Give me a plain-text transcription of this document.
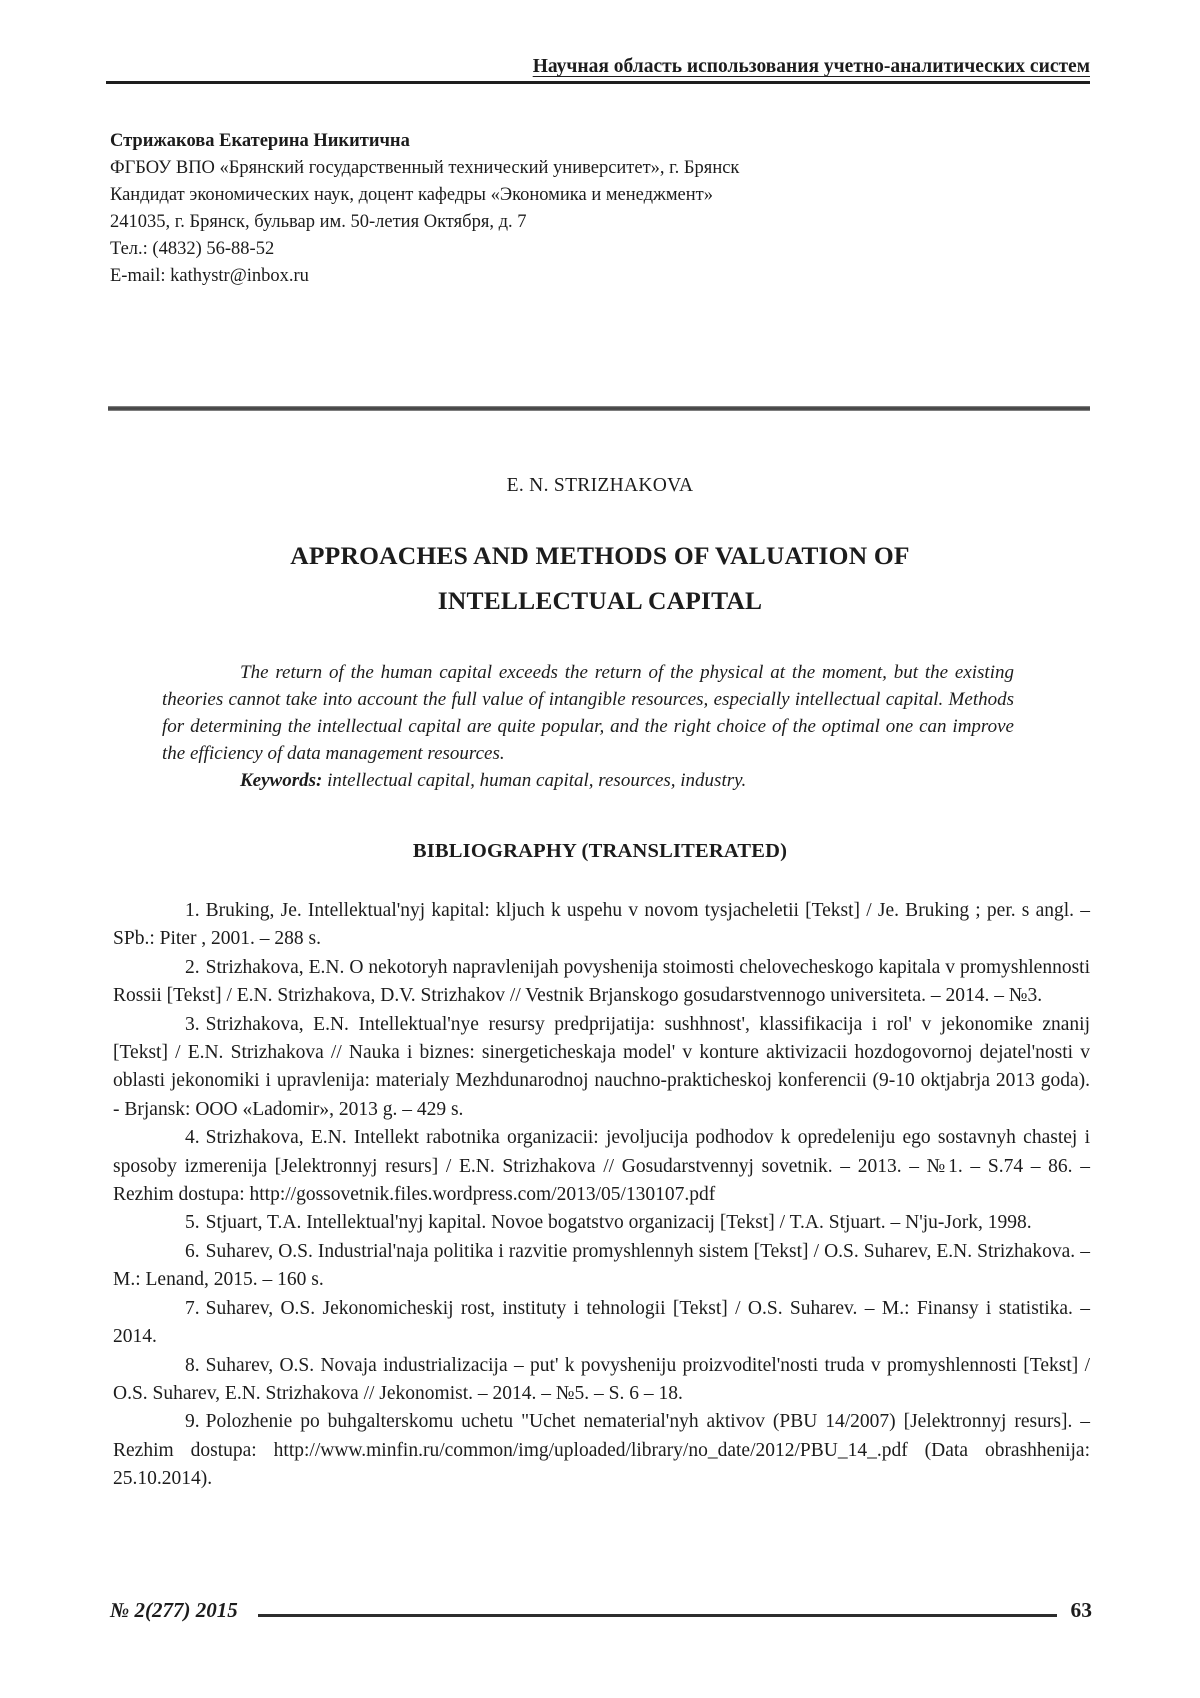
Научная область использования учетно-аналитических систем
Стрижакова Екатерина Никитична
ФГБОУ ВПО «Брянский государственный технический университет», г. Брянск
Кандидат экономических наук, доцент кафедры «Экономика и менеджмент»
241035, г. Брянск, бульвар им. 50-летия Октября, д. 7
Тел.: (4832) 56-88-52
E-mail: kathystr@inbox.ru
E. N. STRIZHAKOVA
APPROACHES AND METHODS OF VALUATION OF INTELLECTUAL CAPITAL

The return of the human capital exceeds the return of the physical at the moment, but the existing theories cannot take into account the full value of intangible resources, especially intellectual capital. Methods for determining the intellectual capital are quite popular, and the right choice of the optimal one can improve the efficiency of data management resources.

Keywords: intellectual capital, human capital, resources, industry.

BIBLIOGRAPHY (TRANSLITERATED)

1. Bruking, Je. Intellektual'nyj kapital: kljuch k uspehu v novom tysjacheletii [Tekst] / Je. Bruking ; per. s angl. – SPb.: Piter , 2001. – 288 s.

2. Strizhakova, E.N. O nekotoryh napravlenijah povyshenija stoimosti chelovecheskogo kapitala v promyshlennosti Rossii [Tekst] / E.N. Strizhakova, D.V. Strizhakov // Vestnik Brjanskogo gosudarstvennogo universiteta. – 2014. – №3.

3. Strizhakova, E.N. Intellektual'nye resursy predprijatija: sushhnost', klassifikacija i rol' v jekonomike znanij [Tekst] / E.N. Strizhakova // Nauka i biznes: sinergeticheskaja model' v konture aktivizacii hozdogovornoj dejatel'nosti v oblasti jekonomiki i upravlenija: materialy Mezhdunarodnoj nauchno-prakticheskoj konferencii (9-10 oktjabrja 2013 goda). - Brjansk: OOO «Ladomir», 2013 g. – 429 s.

4. Strizhakova, E.N. Intellekt rabotnika organizacii: jevoljucija podhodov k opredeleniju ego sostavnyh chastej i sposoby izmerenija [Jelektronnyj resurs] / E.N. Strizhakova // Gosudarstvennyj sovetnik. – 2013. – №1. – S.74 – 86. – Rezhim dostupa: http://gossovetnik.files.wordpress.com/2013/05/130107.pdf

5. Stjuart, T.A. Intellektual'nyj kapital. Novoe bogatstvo organizacij [Tekst] / T.A. Stjuart. – N'ju-Jork, 1998.

6. Suharev, O.S. Industrial'naja politika i razvitie promyshlennyh sistem [Tekst] / O.S. Suharev, E.N. Strizhakova. – M.: Lenand, 2015. – 160 s.

7. Suharev, O.S. Jekonomicheskij rost, instituty i tehnologii [Tekst] / O.S. Suharev. – M.: Finansy i statistika. – 2014.

8. Suharev, O.S. Novaja industrializacija – put' k povysheniju proizvoditel'nosti truda v promyshlennosti [Tekst] / O.S. Suharev, E.N. Strizhakova // Jekonomist. – 2014. – №5. – S. 6 – 18.

9. Polozhenie po buhgalterskomu uchetu "Uchet nematerial'nyh aktivov (PBU 14/2007) [Jelektronnyj resurs]. – Rezhim dostupa: http://www.minfin.ru/common/img/uploaded/library/no_date/2012/PBU_14_.pdf (Data obrashhenija: 25.10.2014).

№ 2(277) 2015	63
